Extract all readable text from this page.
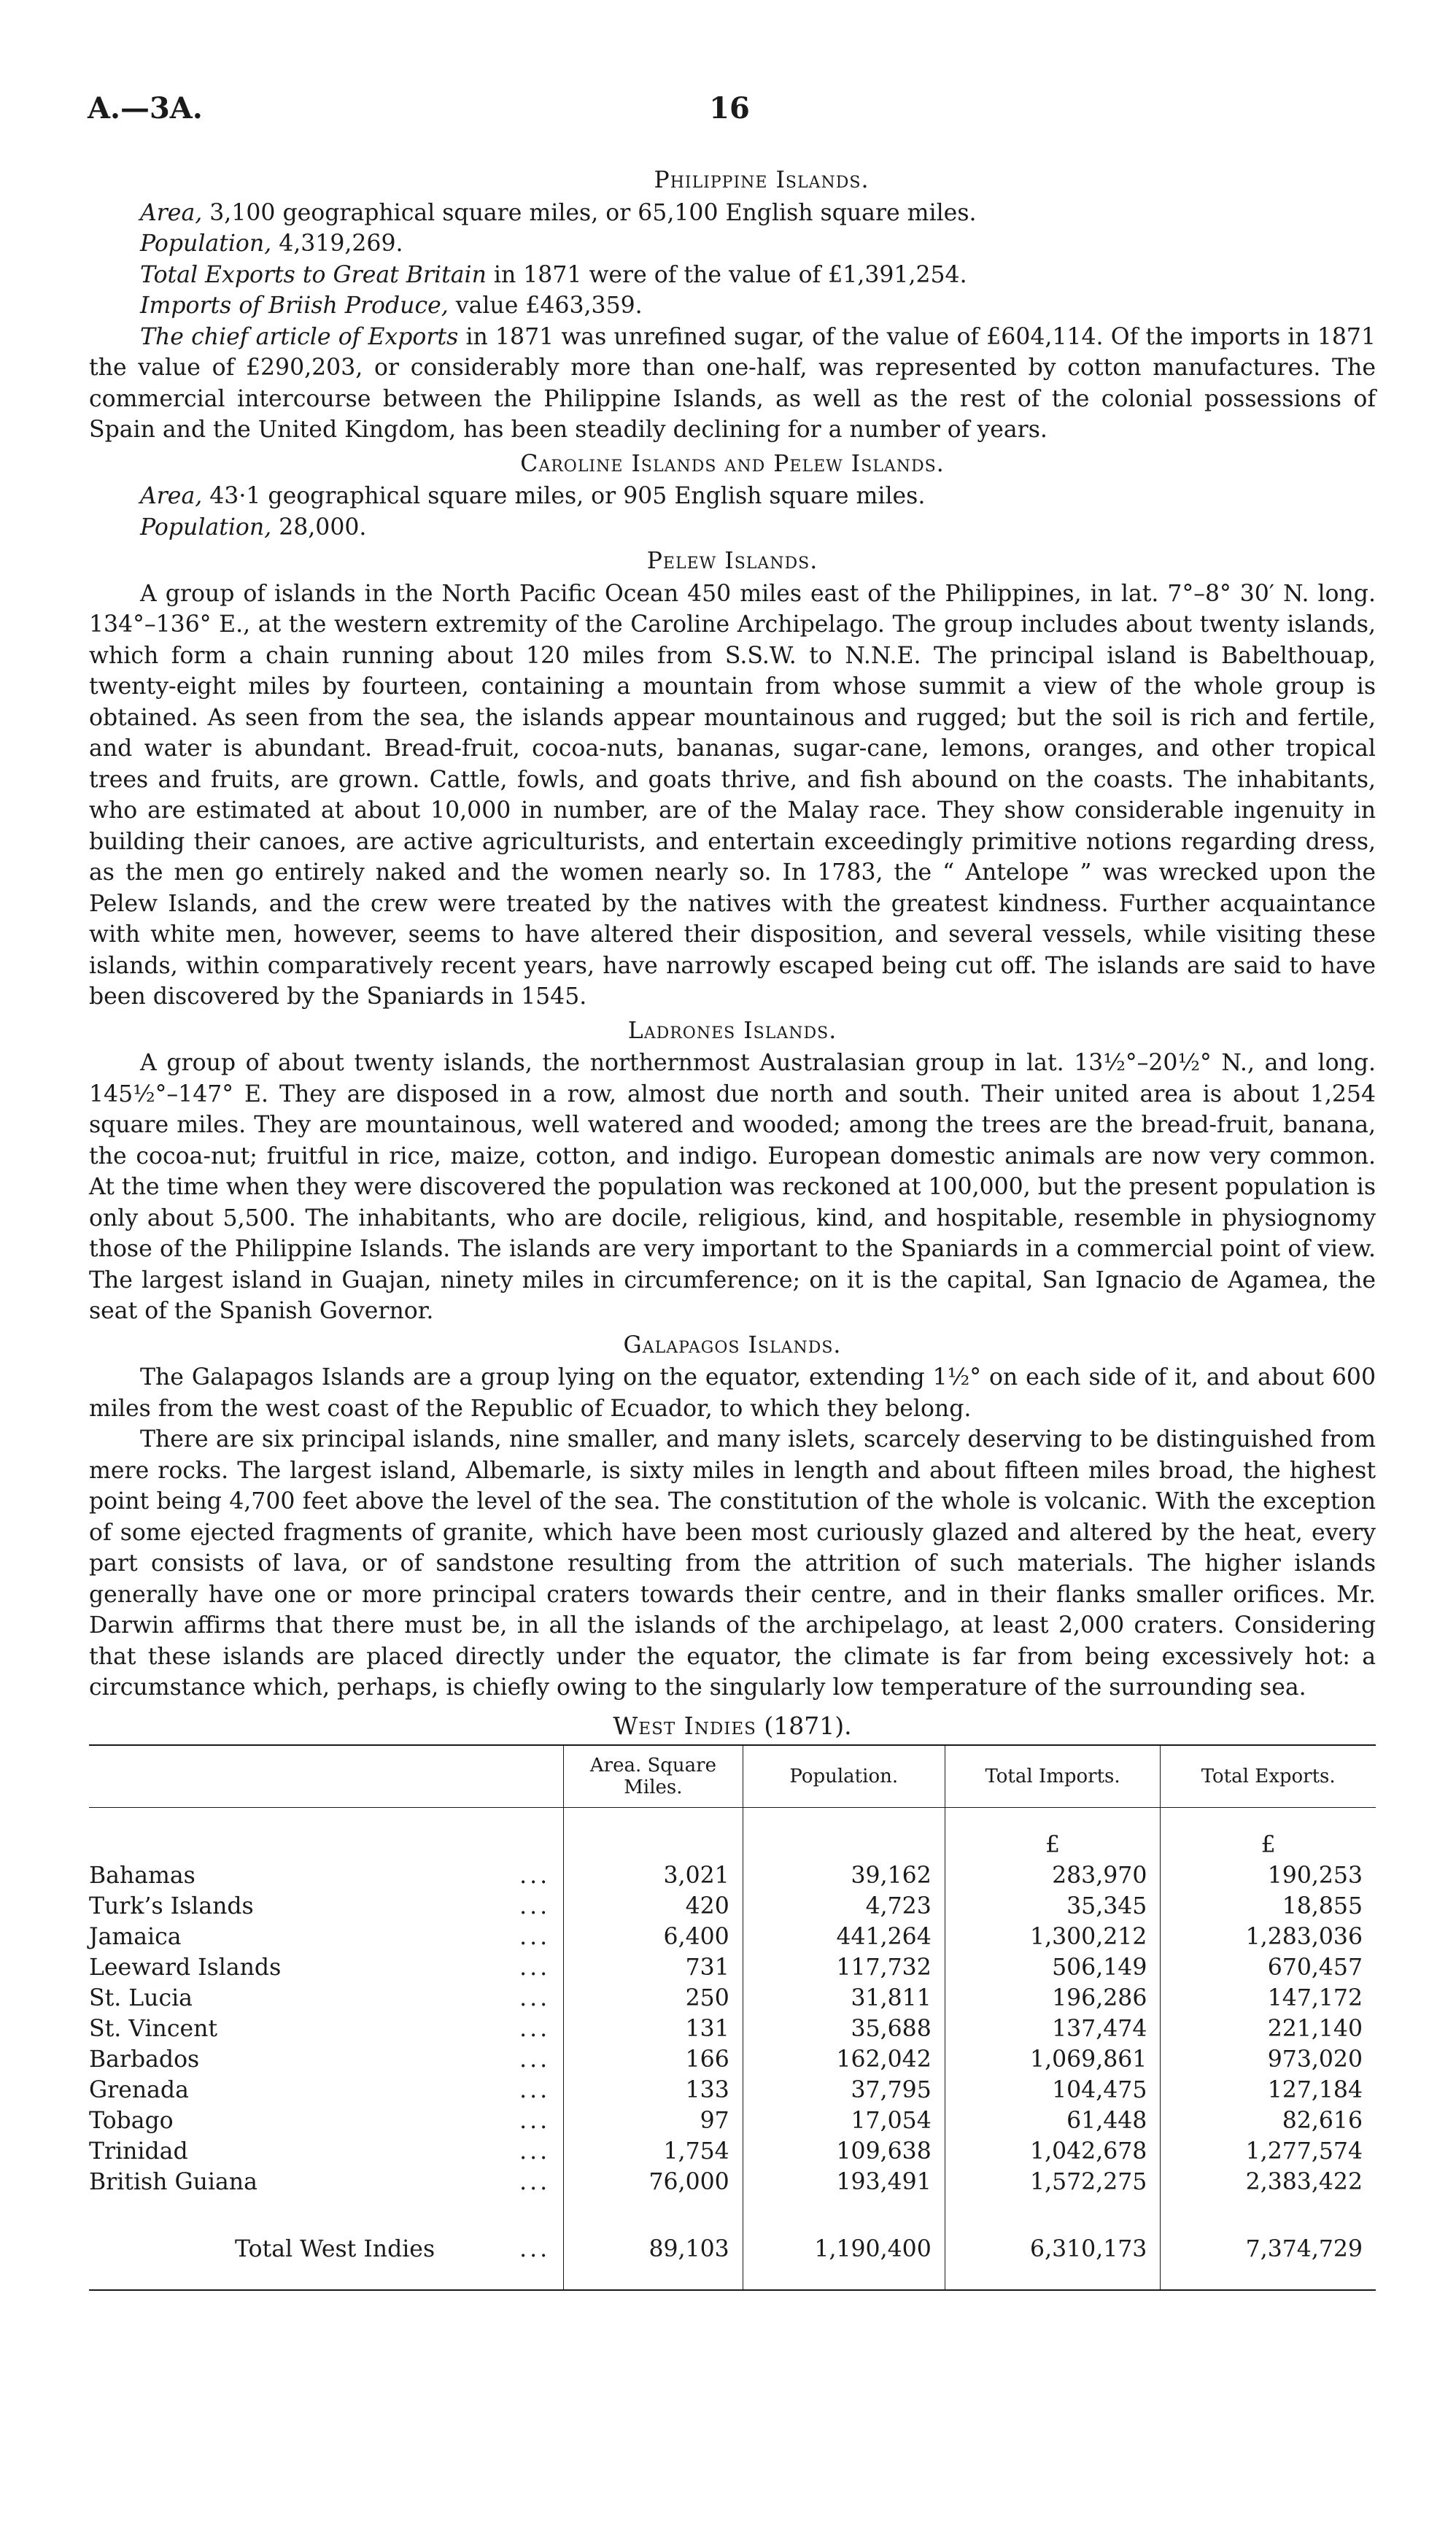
A.—3A.	16
Philippine Islands.
Area, 3,100 geographical square miles, or 65,100 English square miles.
Population, 4,319,269.
Total Exports to Great Britain in 1871 were of the value of £1,391,254.
Imports of Briish Produce, value £463,359.

The chief article of Exports in 1871 was unrefined sugar, of the value of £604,114. Of the imports in 1871 the value of £290,203, or considerably more than one-half, was represented by cotton manufactures. The commercial intercourse between the Philippine Islands, as well as the rest of the colonial possessions of Spain and the United Kingdom, has been steadily declining for a number of years.

Caroline Islands and Pelew Islands.
Area, 43·1 geographical square miles, or 905 English square miles.
Population, 28,000.
Pelew Islands.

A group of islands in the North Pacific Ocean 450 miles east of the Philippines, in lat. 7°–8° 30′ N. long. 134°–136° E., at the western extremity of the Caroline Archipelago. The group includes about twenty islands, which form a chain running about 120 miles from S.S.W. to N.N.E. The principal island is Babelthouap, twenty-eight miles by fourteen, containing a mountain from whose summit a view of the whole group is obtained. As seen from the sea, the islands appear mountainous and rugged; but the soil is rich and fertile, and water is abundant. Bread-fruit, cocoa-nuts, bananas, sugar-cane, lemons, oranges, and other tropical trees and fruits, are grown. Cattle, fowls, and goats thrive, and fish abound on the coasts. The inhabitants, who are estimated at about 10,000 in number, are of the Malay race. They show considerable ingenuity in building their canoes, are active agriculturists, and entertain exceedingly primitive notions regarding dress, as the men go entirely naked and the women nearly so. In 1783, the “ Antelope ” was wrecked upon the Pelew Islands, and the crew were treated by the natives with the greatest kindness. Further acquaintance with white men, however, seems to have altered their disposition, and several vessels, while visiting these islands, within comparatively recent years, have narrowly escaped being cut off. The islands are said to have been discovered by the Spaniards in 1545.

Ladrones Islands.

A group of about twenty islands, the northernmost Australasian group in lat. 13½°–20½° N., and long. 145½°–147° E. They are disposed in a row, almost due north and south. Their united area is about 1,254 square miles. They are mountainous, well watered and wooded; among the trees are the bread-fruit, banana, the cocoa-nut; fruitful in rice, maize, cotton, and indigo. European domestic animals are now very common. At the time when they were discovered the population was reckoned at 100,000, but the present population is only about 5,500. The inhabitants, who are docile, religious, kind, and hospitable, resemble in physiognomy those of the Philippine Islands. The islands are very important to the Spaniards in a commercial point of view. The largest island in Guajan, ninety miles in circumference; on it is the capital, San Ignacio de Agamea, the seat of the Spanish Governor.

Galapagos Islands.

The Galapagos Islands are a group lying on the equator, extending 1½° on each side of it, and about 600 miles from the west coast of the Republic of Ecuador, to which they belong.

There are six principal islands, nine smaller, and many islets, scarcely deserving to be distinguished from mere rocks. The largest island, Albemarle, is sixty miles in length and about fifteen miles broad, the highest point being 4,700 feet above the level of the sea. The constitution of the whole is volcanic. With the exception of some ejected fragments of granite, which have been most curiously glazed and altered by the heat, every part consists of lava, or of sandstone resulting from the attrition of such materials. The higher islands generally have one or more principal craters towards their centre, and in their flanks smaller orifices. Mr. Darwin affirms that there must be, in all the islands of the archipelago, at least 2,000 craters. Considering that these islands are placed directly under the equator, the climate is far from being excessively hot: a circumstance which, perhaps, is chiefly owing to the singularly low temperature of the surrounding sea.

West Indies (1871).
	Area. Square Miles.	Population.	Total Imports.	Total Exports.
			£	£

...
Bahamas	3,021	39,162	283,970	190,253

...
Turk’s Islands	420	4,723	35,345	18,855

...
Jamaica	6,400	441,264	1,300,212	1,283,036

...
Leeward Islands	731	117,732	506,149	670,457

...
St. Lucia	250	31,811	196,286	147,172

...
St. Vincent	131	35,688	137,474	221,140

...
Barbados	166	162,042	1,069,861	973,020

...
Grenada	133	37,795	104,475	127,184

...
Tobago	97	17,054	61,448	82,616

...
Trinidad	1,754	109,638	1,042,678	1,277,574

...
British Guiana	76,000	193,491	1,572,275	2,383,422

...
Total West Indies	89,103	1,190,400	6,310,173	7,374,729
